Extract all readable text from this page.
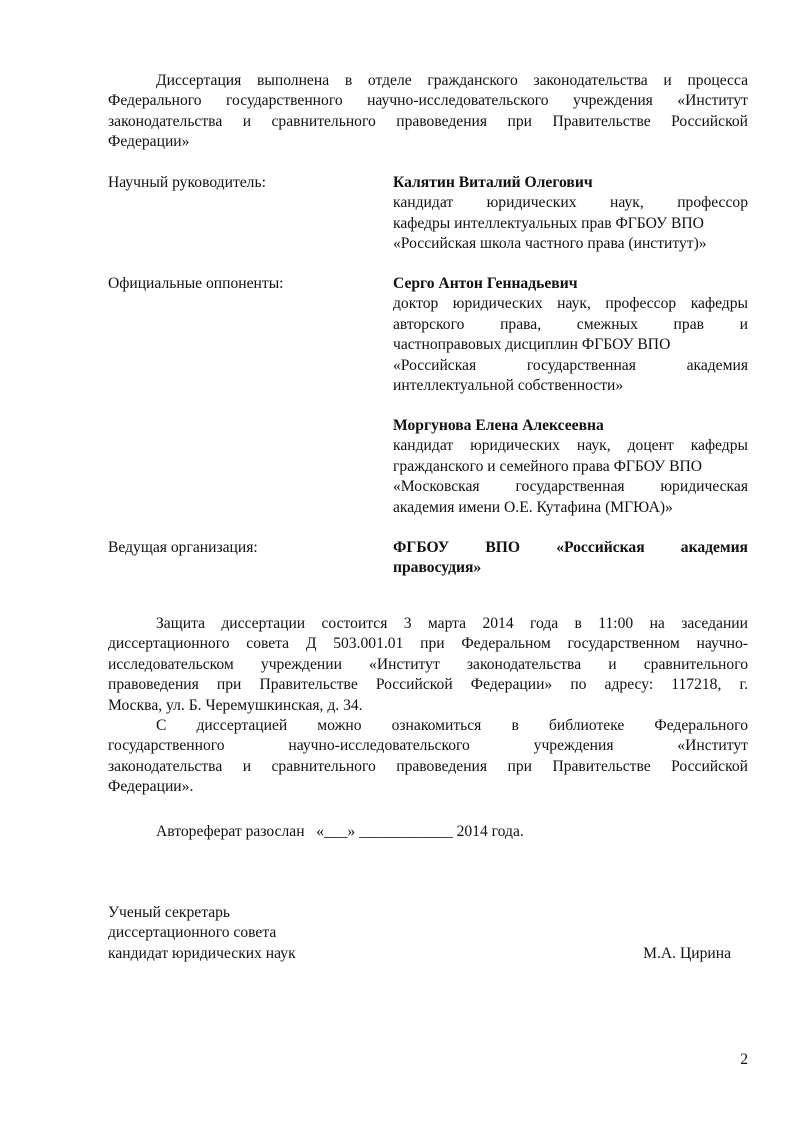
Диссертация выполнена в отделе гражданского законодательства и процесса
Федерального государственного научно-исследовательского учреждения «Институт
законодательства и сравнительного правоведения при Правительстве Российской
Федерации»
Научный руководитель:	Калятин Виталий Олегович
кандидат юридических наук, профессор
кафедры интеллектуальных прав ФГБОУ ВПО
«Российская школа частного права (институт)»
Официальные оппоненты:	Серго Антон Геннадьевич
доктор юридических наук, профессор кафедры
авторского права, смежных прав и
частноправовых дисциплин ФГБОУ ВПО
«Российская государственная академия
интеллектуальной собственности»
Моргунова Елена Алексеевна
кандидат юридических наук, доцент кафедры
гражданского и семейного права ФГБОУ ВПО
«Московская государственная юридическая
академия имени О.Е. Кутафина (МГЮА)»
Ведущая организация:	ФГБОУ ВПО «Российская академия
правосудия»
Защита диссертации состоится 3 марта 2014 года в 11:00 на заседании
диссертационного совета Д 503.001.01 при Федеральном государственном научно-
исследовательском учреждении «Институт законодательства и сравнительного
правоведения при Правительстве Российской Федерации» по адресу: 117218, г.
Москва, ул. Б. Черемушкинская, д. 34.
С диссертацией можно ознакомиться в библиотеке Федерального
государственного научно-исследовательского учреждения «Институт
законодательства и сравнительного правоведения при Правительстве Российской
Федерации».
Автореферат разослан   «___» ____________ 2014 года.
Ученый секретарь
диссертационного совета
кандидат юридических наук	М.А. Цирина
2
